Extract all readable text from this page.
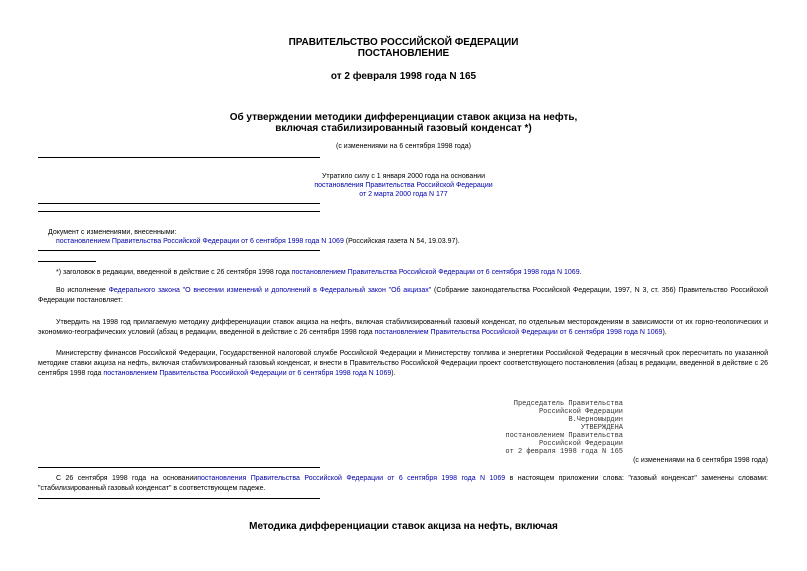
ПРАВИТЕЛЬСТВО РОССИЙСКОЙ ФЕДЕРАЦИИ
ПОСТАНОВЛЕНИЕ
от 2 февраля 1998 года N 165
Об утверждении методики дифференциации ставок акциза на нефть,
включая стабилизированный газовый конденсат *)
(с изменениями на 6 сентября 1998 года)
Утратило силу с 1 января 2000 года на основании
постановления Правительства Российской Федерации
от 2 марта 2000 года N 177
Документ с изменениями, внесенными:
постановлением Правительства Российской Федерации от 6 сентября 1998 года N 1069 (Российская газета N 54, 19.03.97).
*) заголовок в редакции, введенной в действие с 26 сентября 1998 года постановлением Правительства Российской Федерации от 6 сентября 1998 года N 1069.
Во исполнение Федерального закона "О внесении изменений и дополнений в Федеральный закон "Об акцизах" (Собрание законодательства Российской Федерации, 1997, N 3, ст. 356) Правительство Российской Федерации постановляет:
Утвердить на 1998 год прилагаемую методику дифференциации ставок акциза на нефть, включая стабилизированный газовый конденсат, по отдельным месторождениям в зависимости от их горно-геологических и экономико-географических условий (абзац в редакции, введенной в действие с 26 сентября 1998 года постановлением Правительства Российской Федерации от 6 сентября 1998 года N 1069).
Министерству финансов Российской Федерации, Государственной налоговой службе Российской Федерации и Министерству топлива и энергетики Российской Федерации в месячный срок пересчитать по указанной методике ставки акциза на нефть, включая стабилизированный газовый конденсат, и внести в Правительство Российской Федерации проект соответствующего постановления (абзац в редакции, введенной в действие с 26 сентября 1998 года постановлением Правительства Российской Федерации от 6 сентября 1998 года N 1069).
Председатель Правительства
Российской Федерации
В.Черномырдин
УТВЕРЖДЕНА
постановлением Правительства
Российской Федерации
от 2 февраля 1998 года N 165
(с изменениями на 6 сентября 1998 года)
С 26 сентября 1998 года на основаниипостановления Правительства Российской Федерации от 6 сентября 1998 года N 1069 в настоящем приложении слова: "газовый конденсат" заменены словами: "стабилизированный газовый конденсат" в соответствующем падеже.
Методика дифференциации ставок акциза на нефть, включая
